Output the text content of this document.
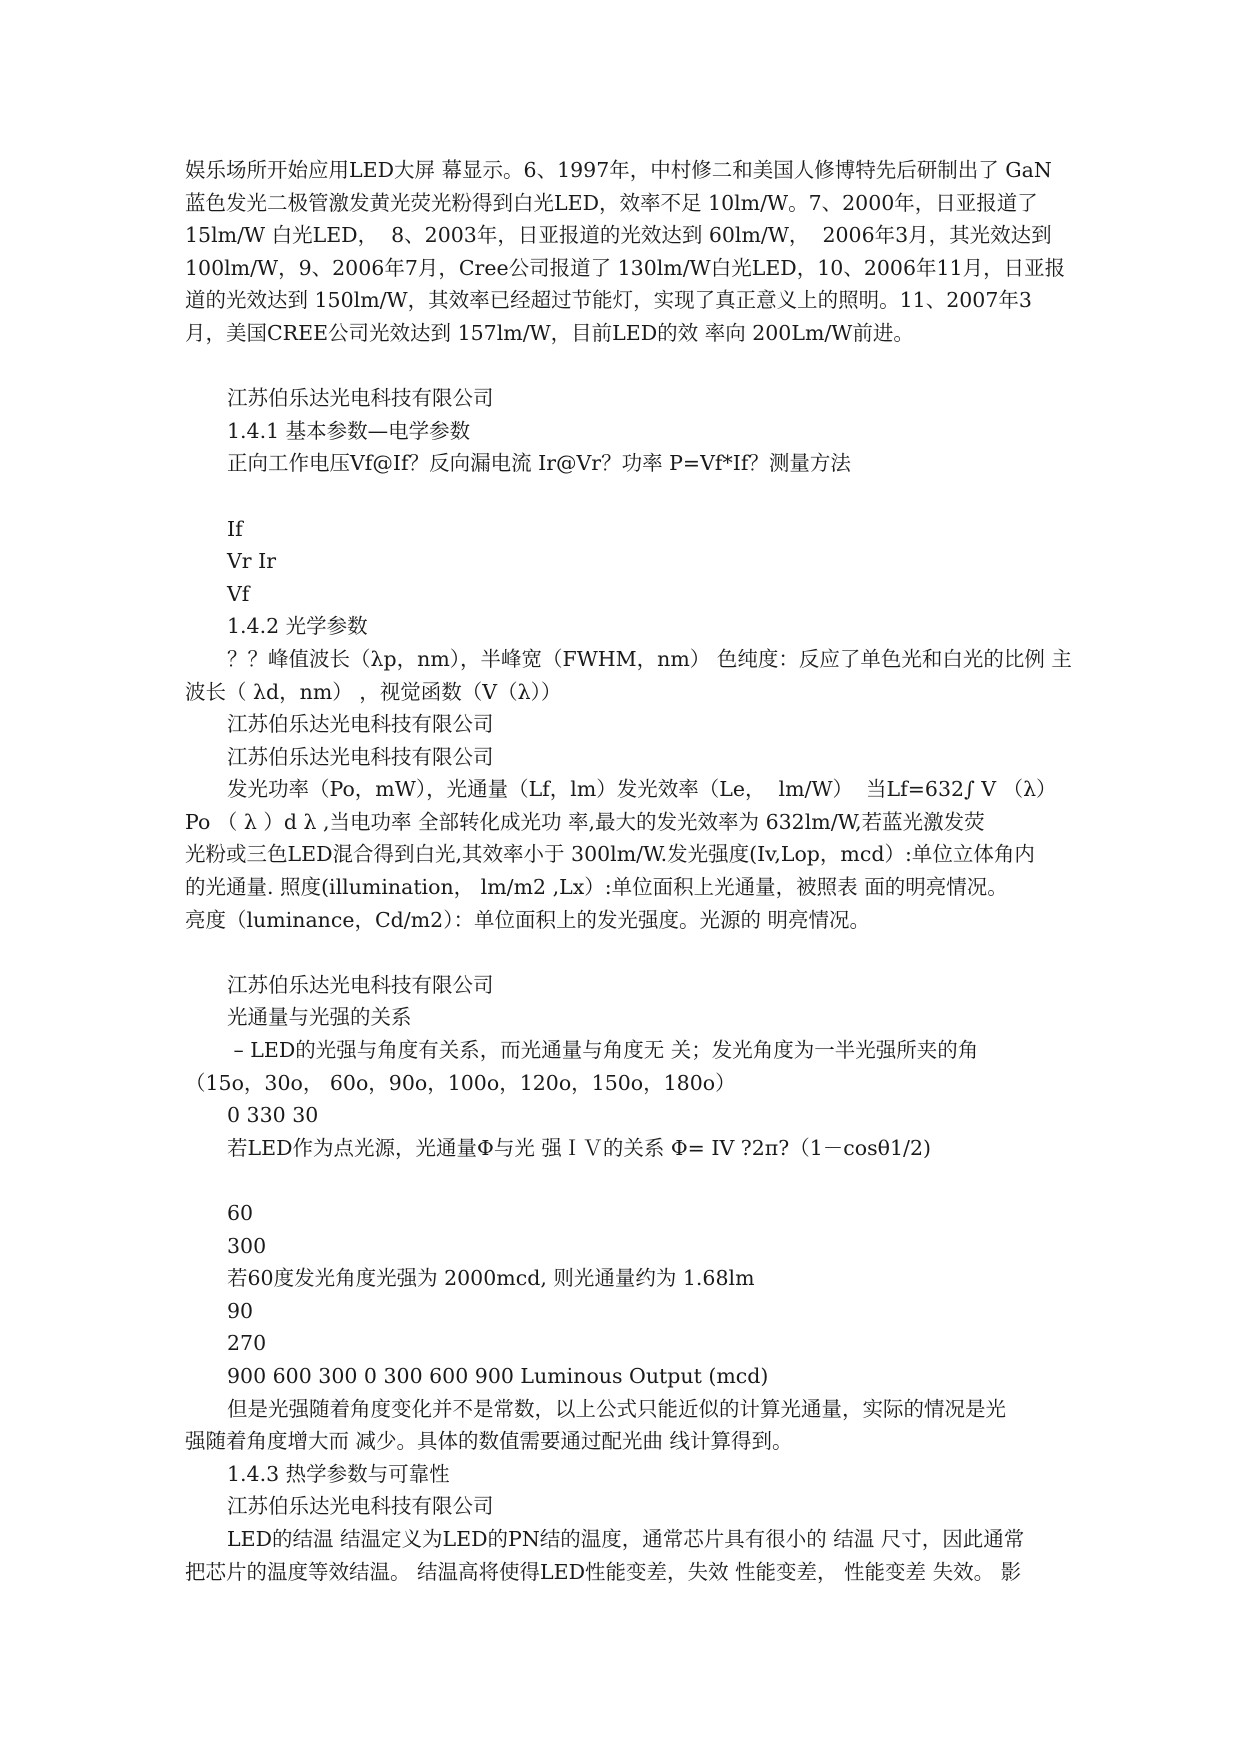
娱乐场所开始应用LED大屏 幕显示。6、1997年，中村修二和美国人修博特先后研制出了 GaN
蓝色发光二极管激发黄光荧光粉得到白光LED，效率不足 10lm/W。7、2000年，日亚报道了
15lm/W 白光LED，  8、2003年，日亚报道的光效达到 60lm/W，  2006年3月，其光效达到
100lm/W，9、2006年7月，Cree公司报道了 130lm/W白光LED，10、2006年11月，日亚报
道的光效达到 150lm/W，其效率已经超过节能灯，实现了真正意义上的照明。11、2007年3
月，美国CREE公司光效达到 157lm/W，目前LED的效 率向 200Lm/W前进。
江苏伯乐达光电科技有限公司
1.4.1 基本参数—电学参数
正向工作电压Vf@If？反向漏电流 Ir@Vr？功率 P=Vf*If？测量方法
If
Vr Ir
Vf
1.4.2 光学参数
？？峰值波长（λp，nm），半峰宽（FWHM，nm） 色纯度：反应了单色光和白光的比例 主
波长（ λd，nm） ，视觉函数（V（λ））
江苏伯乐达光电科技有限公司
江苏伯乐达光电科技有限公司
发光功率（Po，mW），光通量（Lf，lm）发光效率（Le，  lm/W）  当Lf=632∫ V （λ）
Po （ λ ）d λ ,当电功率 全部转化成光功 率,最大的发光效率为 632lm/W,若蓝光激发荧
光粉或三色LED混合得到白光,其效率小于 300lm/W.发光强度(Iv,Lop，mcd）:单位立体角内
的光通量. 照度(illumination， lm/m2 ,Lx）:单位面积上光通量，被照表 面的明亮情况。
亮度（luminance，Cd/m2）：单位面积上的发光强度。光源的 明亮情况。
江苏伯乐达光电科技有限公司
光通量与光强的关系
– LED的光强与角度有关系，而光通量与角度无 关；发光角度为一半光强所夹的角
（15o，30o， 60o，90o，100o，120o，150o，180o）
0 330 30
若LED作为点光源，光通量Φ与光 强ＩＶ的关系 Φ= IV ?2π?（1－cosθ1/2)
60
300
若60度发光角度光强为 2000mcd, 则光通量约为 1.68lm
90
270
900 600 300 0 300 600 900 Luminous Output (mcd)
但是光强随着角度变化并不是常数，以上公式只能近似的计算光通量，实际的情况是光
强随着角度增大而 减少。具体的数值需要通过配光曲 线计算得到。
1.4.3 热学参数与可靠性
江苏伯乐达光电科技有限公司
LED的结温 结温定义为LED的PN结的温度，通常芯片具有很小的 结温 尺寸，因此通常
把芯片的温度等效结温。 结温高将使得LED性能变差，失效 性能变差， 性能变差 失效。 影
